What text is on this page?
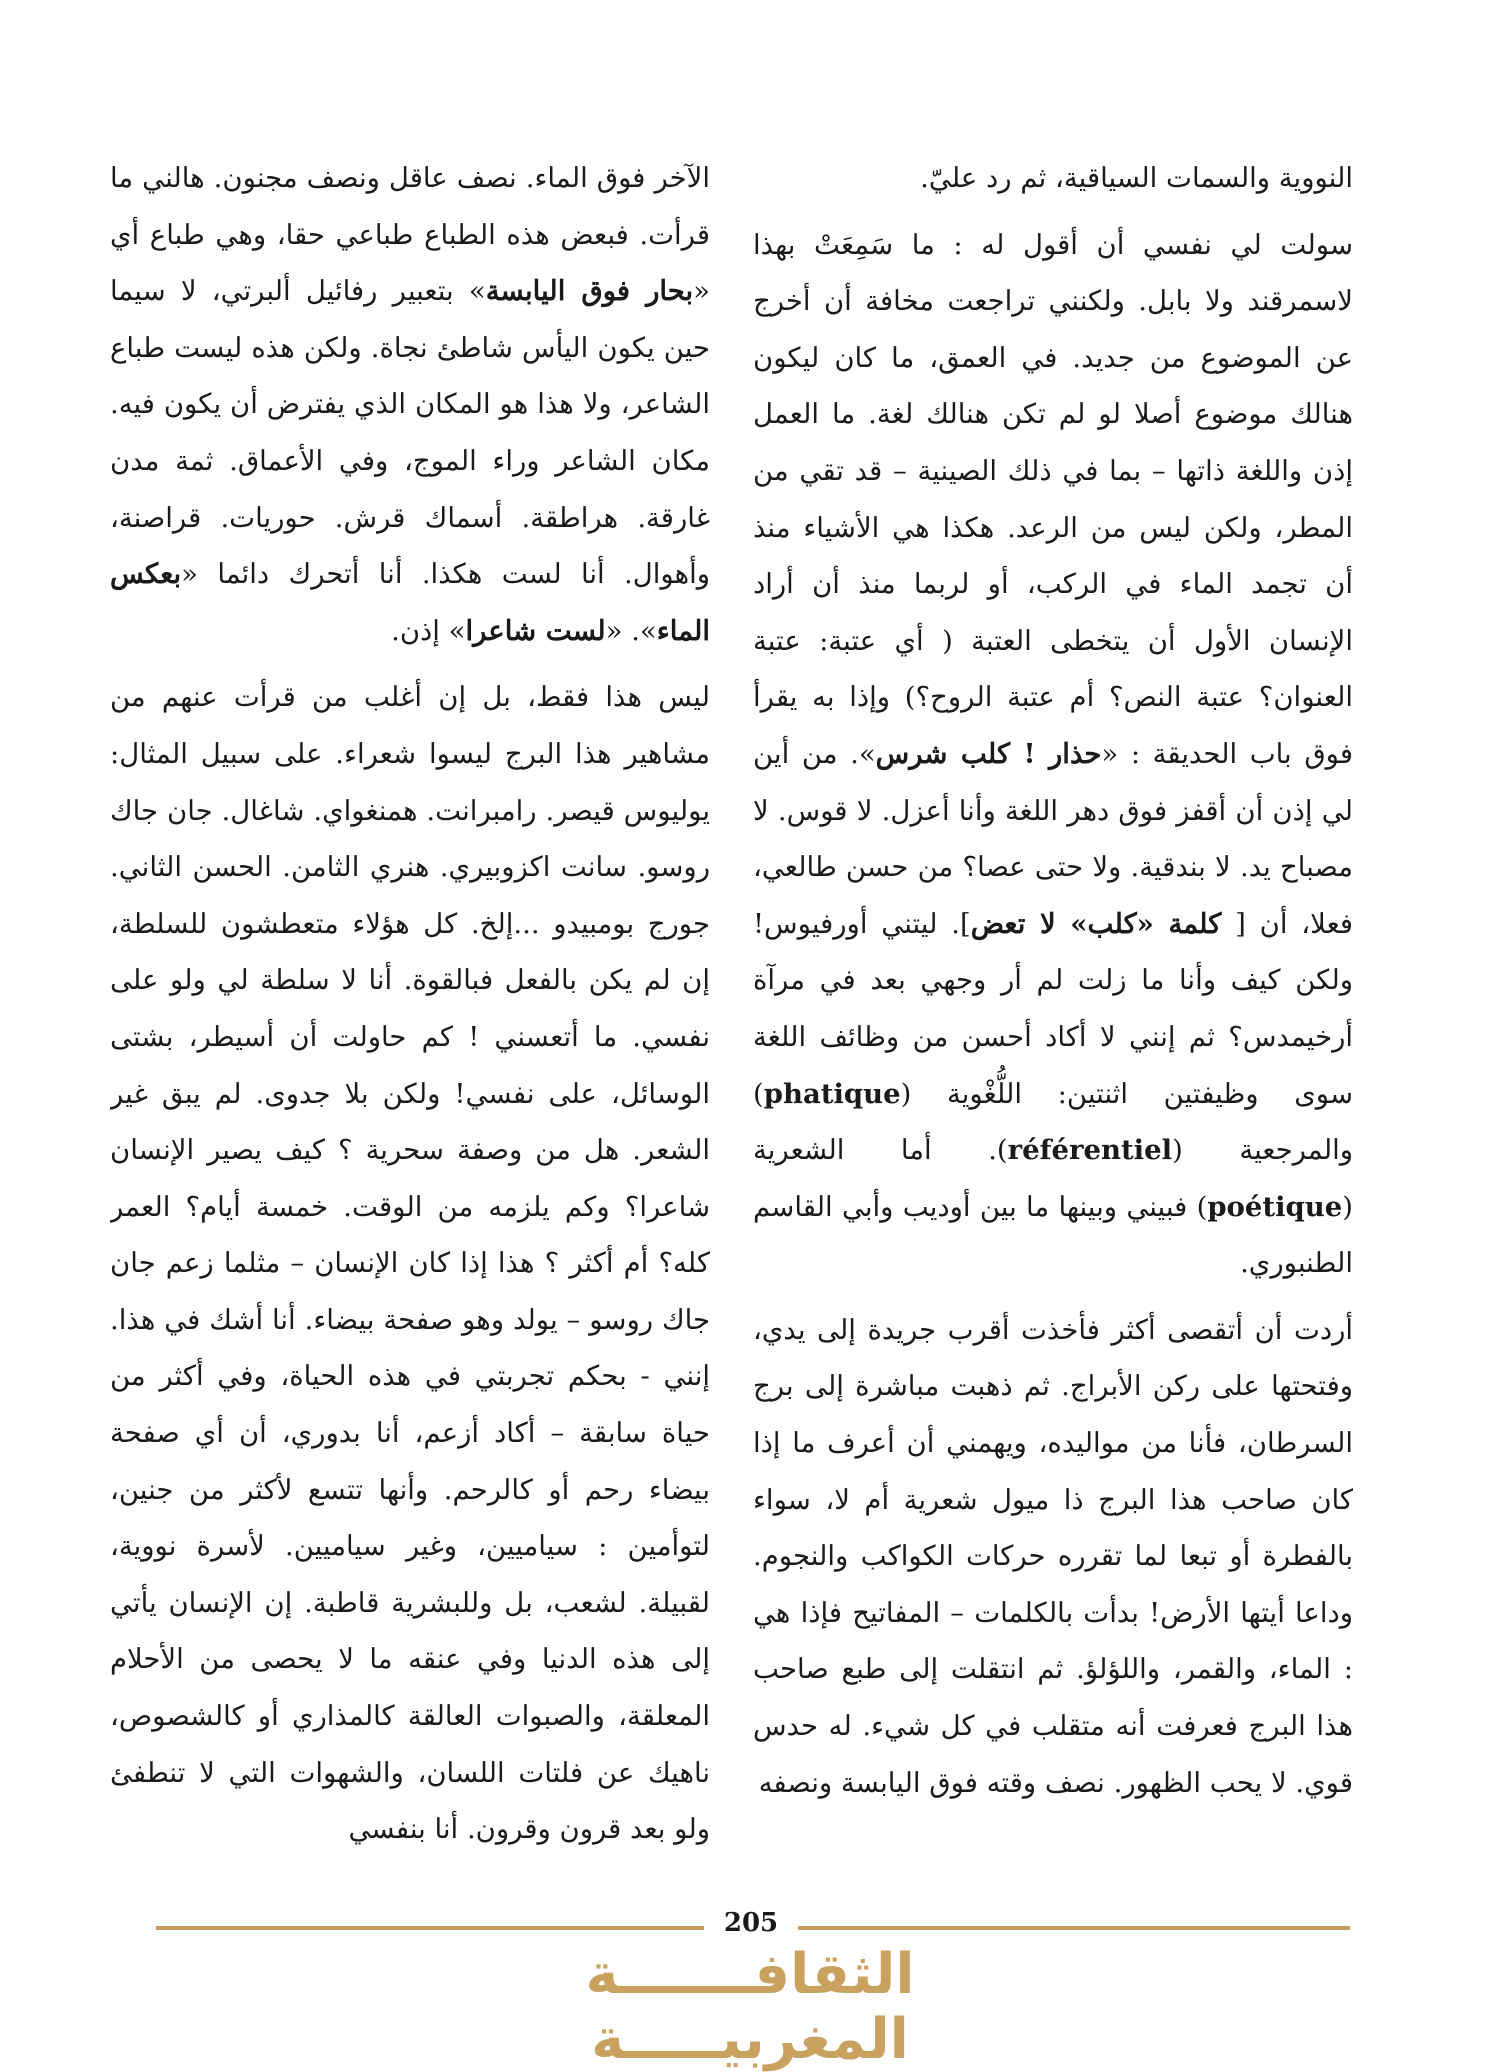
النووية والسمات السياقية، ثم رد عليّ.

سولت لي نفسي أن أقول له : ما سَمِعَتْ بهذا لاسمرقند ولا بابل. ولكنني تراجعت مخافة أن أخرج عن الموضوع من جديد. في العمق، ما كان ليكون هنالك موضوع أصلا لو لم تكن هنالك لغة. ما العمل إذن واللغة ذاتها – بما في ذلك الصينية – قد تقي من المطر، ولكن ليس من الرعد. هكذا هي الأشياء منذ أن تجمد الماء في الركب، أو لربما منذ أن أراد الإنسان الأول أن يتخطى العتبة ( أي عتبة: عتبة العنوان؟ عتبة النص؟ أم عتبة الروح؟) وإذا به يقرأ فوق باب الحديقة : «حذار ! كلب شرس». من أين لي إذن أن أقفز فوق دهر اللغة وأنا أعزل. لا قوس. لا مصباح يد. لا بندقية. ولا حتى عصا؟ من حسن طالعي، فعلا، أن [ كلمة «كلب» لا تعض]. ليتني أورفيوس! ولكن كيف وأنا ما زلت لم أر وجهي بعد في مرآة أرخيمدس؟ ثم إنني لا أكاد أحسن من وظائف اللغة سوى وظيفتين اثنتين: اللُّغْوية (phatique) والمرجعية (référentiel). أما الشعرية (poétique) فبيني وبينها ما بين أوديب وأبي القاسم الطنبوري.

أردت أن أتقصى أكثر فأخذت أقرب جريدة إلى يدي، وفتحتها على ركن الأبراج. ثم ذهبت مباشرة إلى برج السرطان، فأنا من مواليده، ويهمني أن أعرف ما إذا كان صاحب هذا البرج ذا ميول شعرية أم لا، سواء بالفطرة أو تبعا لما تقرره حركات الكواكب والنجوم. وداعا أيتها الأرض! بدأت بالكلمات – المفاتيح فإذا هي : الماء، والقمر، واللؤلؤ. ثم انتقلت إلى طبع صاحب هذا البرج فعرفت أنه متقلب في كل شيء. له حدس قوي. لا يحب الظهور. نصف وقته فوق اليابسة ونصفه

الآخر فوق الماء. نصف عاقل ونصف مجنون. هالني ما قرأت. فبعض هذه الطباع طباعي حقا، وهي طباع أي «بحار فوق اليابسة» بتعبير رفائيل ألبرتي، لا سيما حين يكون اليأس شاطئ نجاة. ولكن هذه ليست طباع الشاعر، ولا هذا هو المكان الذي يفترض أن يكون فيه. مكان الشاعر وراء الموج، وفي الأعماق. ثمة مدن غارقة. هراطقة. أسماك قرش. حوريات. قراصنة، وأهوال. أنا لست هكذا. أنا أتحرك دائما «بعكس الماء». «لست شاعرا» إذن.

ليس هذا فقط، بل إن أغلب من قرأت عنهم من مشاهير هذا البرج ليسوا شعراء. على سبيل المثال: يوليوس قيصر. رامبرانت. همنغواي. شاغال. جان جاك روسو. سانت اكزوبيري. هنري الثامن. الحسن الثاني. جورج بومبيدو ...إلخ. كل هؤلاء متعطشون للسلطة، إن لم يكن بالفعل فبالقوة. أنا لا سلطة لي ولو على نفسي. ما أتعسني ! كم حاولت أن أسيطر، بشتى الوسائل، على نفسي! ولكن بلا جدوى. لم يبق غير الشعر. هل من وصفة سحرية ؟ كيف يصير الإنسان شاعرا؟ وكم يلزمه من الوقت. خمسة أيام؟ العمر كله؟ أم أكثر ؟ هذا إذا كان الإنسان – مثلما زعم جان جاك روسو – يولد وهو صفحة بيضاء. أنا أشك في هذا. إنني - بحكم تجربتي في هذه الحياة، وفي أكثر من حياة سابقة – أكاد أزعم، أنا بدوري، أن أي صفحة بيضاء رحم أو كالرحم. وأنها تتسع لأكثر من جنين، لتوأمين : سياميين، وغير سياميين. لأسرة نووية، لقبيلة. لشعب، بل وللبشرية قاطبة. إن الإنسان يأتي إلى هذه الدنيا وفي عنقه ما لا يحصى من الأحلام المعلقة، والصبوات العالقة كالمذاري أو كالشصوص، ناهيك عن فلتات اللسان، والشهوات التي لا تنطفئ ولو بعد قرون وقرون. أنا بنفسي

205
الثقافـــــــة المغربيـــــة
